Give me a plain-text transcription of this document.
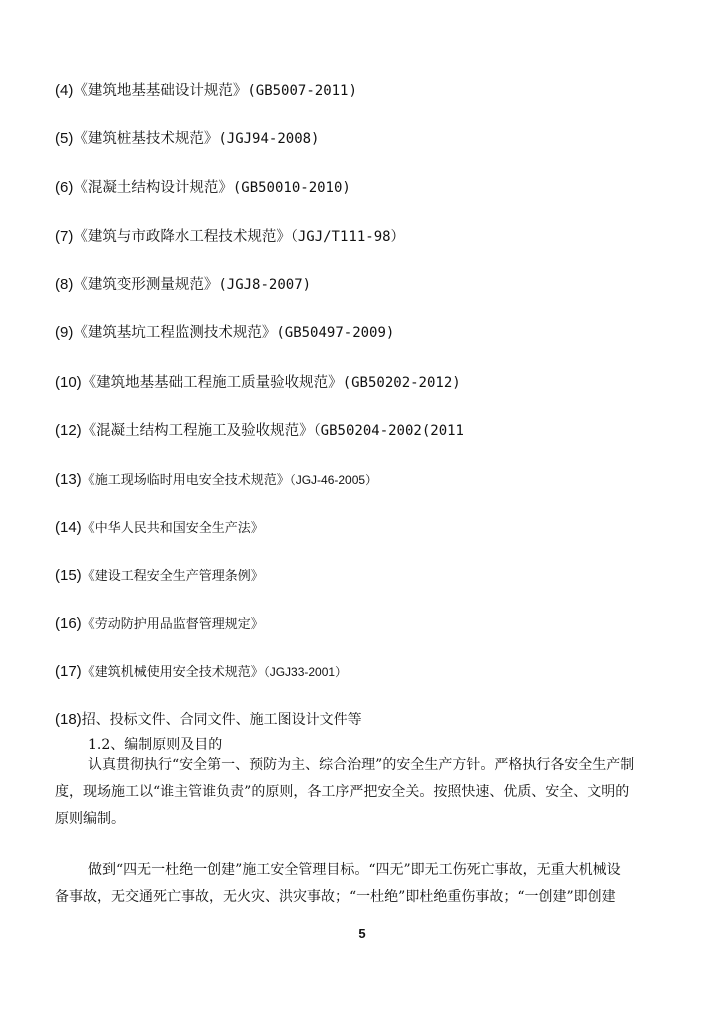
(4)《建筑地基基础设计规范》(GB5007-2011)
(5)《建筑桩基技术规范》(JGJ94-2008)
(6)《混凝土结构设计规范》(GB50010-2010)
(7)《建筑与市政降水工程技术规范》（JGJ/T111-98）
(8)《建筑变形测量规范》(JGJ8-2007)
(9)《建筑基坑工程监测技术规范》(GB50497-2009)
(10)《建筑地基基础工程施工质量验收规范》(GB50202-2012)
(12)《混凝土结构工程施工及验收规范》（GB50204-2002(2011
(13)《施工现场临时用电安全技术规范》（JGJ-46-2005）
(14)《中华人民共和国安全生产法》
(15)《建设工程安全生产管理条例》
(16)《劳动防护用品监督管理规定》
(17)《建筑机械使用安全技术规范》（JGJ33-2001）
(18)招、投标文件、合同文件、施工图设计文件等
1.2、编制原则及目的
认真贯彻执行“安全第一、预防为主、综合治理”的安全生产方针。严格执行各安全生产制
度，现场施工以“谁主管谁负责”的原则，各工序严把安全关。按照快速、优质、安全、文明的
原则编制。
做到“四无一杜绝一创建”施工安全管理目标。“四无”即无工伤死亡事故，无重大机械设
备事故，无交通死亡事故，无火灾、洪灾事故；“一杜绝”即杜绝重伤事故；“一创建”即创建
5
